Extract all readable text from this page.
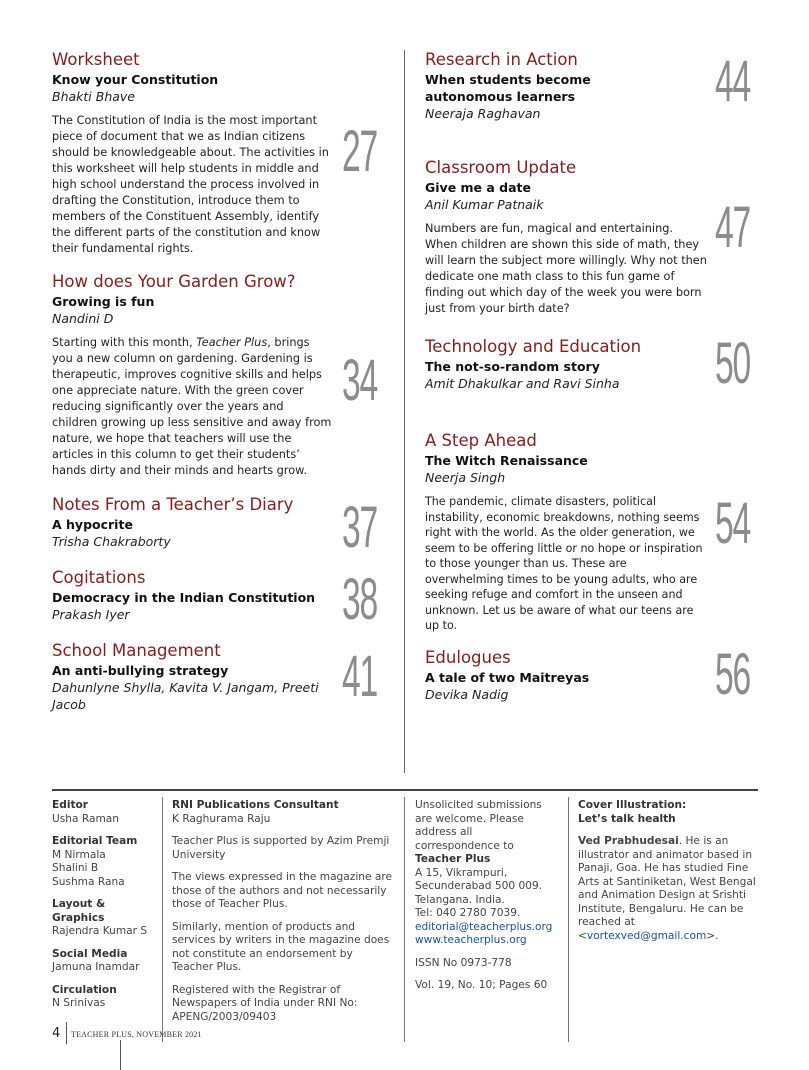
Worksheet
Know your Constitution
Bhakti Bhave
The Constitution of India is the most important piece of document that we as Indian citizens should be knowledgeable about. The activities in this worksheet will help students in middle and high school understand the process involved in drafting the Constitution, introduce them to members of the Constituent Assembly, identify the different parts of the constitution and know their fundamental rights.
27
How does Your Garden Grow?
Growing is fun
Nandini D
Starting with this month, Teacher Plus, brings you a new column on gardening. Gardening is therapeutic, improves cognitive skills and helps one appreciate nature. With the green cover reducing significantly over the years and children growing up less sensitive and away from nature, we hope that teachers will use the articles in this column to get their students’ hands dirty and their minds and hearts grow.
34
Notes From a Teacher’s Diary
A hypocrite
Trisha Chakraborty	37
Cogitations
Democracy in the Indian Constitution
Prakash Iyer	38
School Management
An anti-bullying strategy
Dahunlyne Shylla, Kavita V. Jangam, Preeti Jacob	41
Research in Action
When students become autonomous learners
Neeraja Raghavan	44
Classroom Update
Give me a date
Anil Kumar Patnaik
Numbers are fun, magical and entertaining. When children are shown this side of math, they will learn the subject more willingly. Why not then dedicate one math class to this fun game of finding out which day of the week you were born just from your birth date?
47
Technology and Education
The not-so-random story
Amit Dhakulkar and Ravi Sinha	50
A Step Ahead
The Witch Renaissance
Neerja Singh
The pandemic, climate disasters, political instability, economic breakdowns, nothing seems right with the world. As the older generation, we seem to be offering little or no hope or inspiration to those younger than us. These are overwhelming times to be young adults, who are seeking refuge and comfort in the unseen and unknown. Let us be aware of what our teens are up to.
54
Edulogues
A tale of two Maitreyas
Devika Nadig	56

Editor
Usha Raman

Editorial Team
M Nirmala
Shalini B
Sushma Rana

Layout & Graphics
Rajendra Kumar S

Social Media
Jamuna Inamdar

Circulation
N Srinivas

RNI Publications Consultant
K Raghurama Raju

Teacher Plus is supported by Azim Premji University

The views expressed in the magazine are those of the authors and not necessarily those of Teacher Plus.

Similarly, mention of products and services by writers in the magazine does not constitute an endorsement by Teacher Plus.

Registered with the Registrar of Newspapers of India under RNI No: APENG/2003/09403

Unsolicited submissions are welcome. Please address all correspondence to
Teacher Plus
A 15, Vikrampuri,
Secunderabad 500 009.
Telangana. India.
Tel: 040 2780 7039.
editorial@teacherplus.org
www.teacherplus.org

ISSN No 0973-778

Vol. 19, No. 10; Pages 60

Cover Illustration:
Let’s talk health

Ved Prabhudesai. He is an illustrator and animator based in Panaji, Goa. He has studied Fine Arts at Santiniketan, West Bengal and Animation Design at Srishti Institute, Bengaluru. He can be reached at
<vortexved@gmail.com>.

4 TEACHER PLUS, NOVEMBER 2021
